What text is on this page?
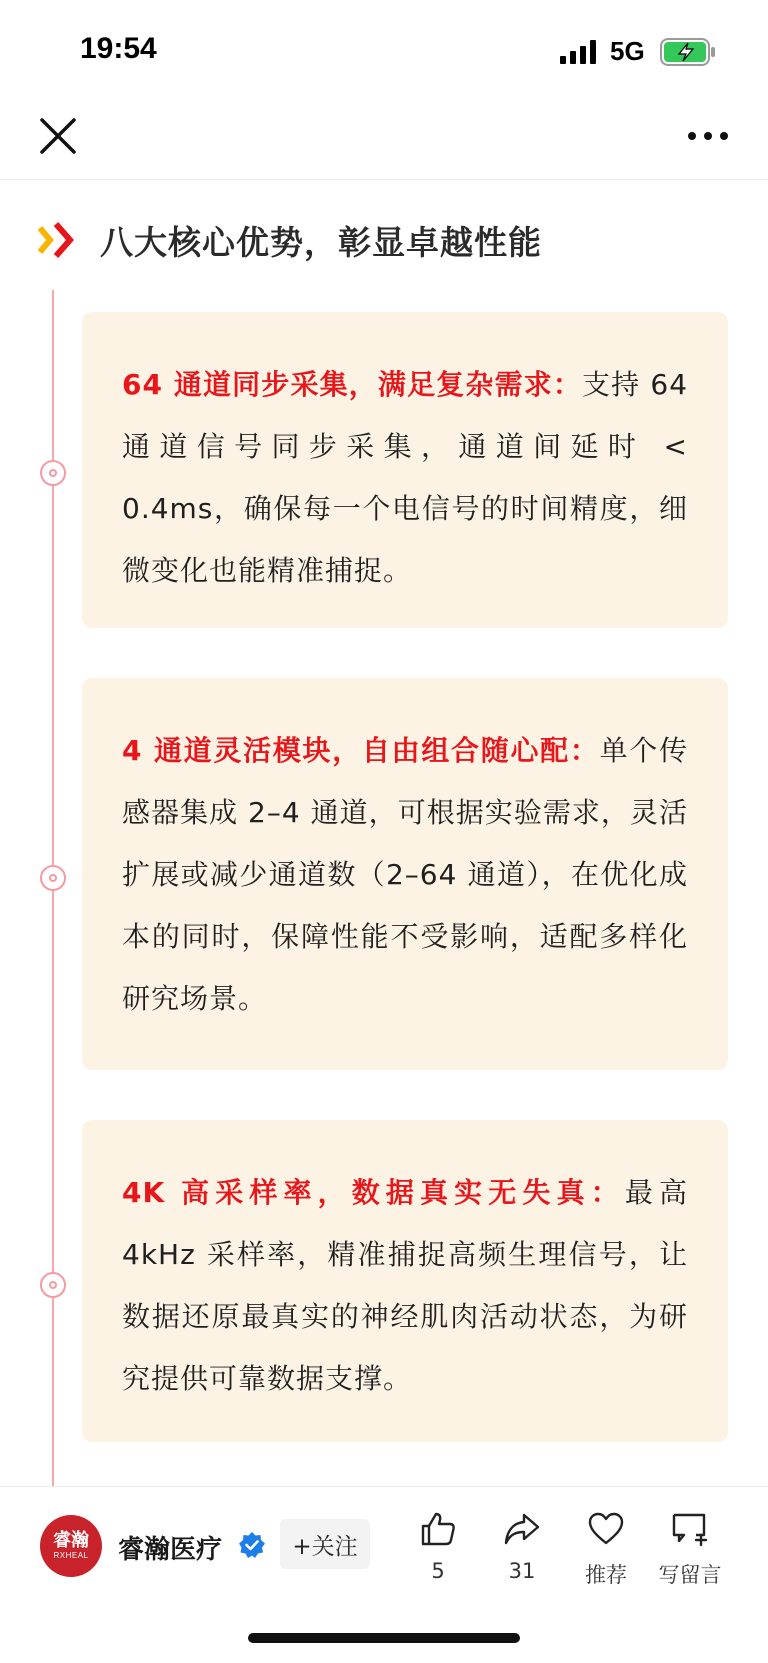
19:54	5G
八大核心优势，彰显卓越性能

64 通道同步采集，满足复杂需求：支持 64 通道信号同步采集，通道间延时 < 0.4ms，确保每一个电信号的时间精度，细微变化也能精准捕捉。

4 通道灵活模块，自由组合随心配：单个传感器集成 2–4 通道，可根据实验需求，灵活扩展或减少通道数（2–64 通道），在优化成本的同时，保障性能不受影响，适配多样化研究场景。

4K 高采样率，数据真实无失真：最高 4kHz 采样率，精准捕捉高频生理信号，让数据还原最真实的神经肌肉活动状态，为研究提供可靠数据支撑。

睿瀚
RXHEAL 睿瀚医疗	+关注
5	31 推荐 写留言
